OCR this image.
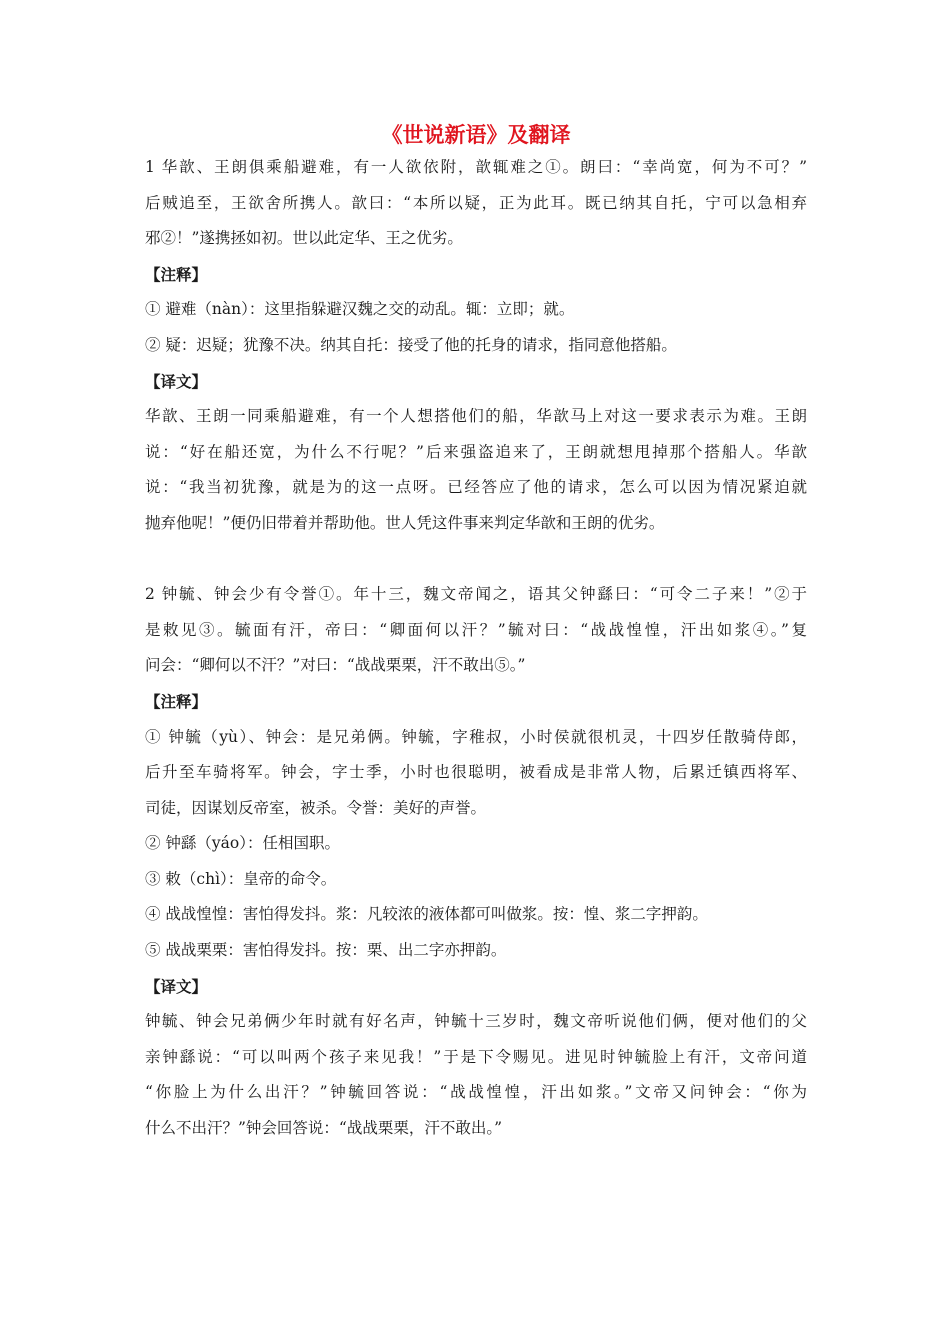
《世说新语》及翻译

1 华歆、王朗俱乘船避难，有一人欲依附，歆辄难之①。朗曰：“幸尚宽，何为不可？”

后贼追至，王欲舍所携人。歆曰：“本所以疑，正为此耳。既已纳其自托，宁可以急相弃

邪②！”遂携拯如初。世以此定华、王之优劣。

【注释】

① 避难（nàn）：这里指躲避汉魏之交的动乱。辄：立即；就。

② 疑：迟疑；犹豫不决。纳其自托：接受了他的托身的请求，指同意他搭船。

【译文】

华歆、王朗一同乘船避难，有一个人想搭他们的船，华歆马上对这一要求表示为难。王朗

说：“好在船还宽，为什么不行呢？”后来强盗追来了，王朗就想甩掉那个搭船人。华歆

说：“我当初犹豫，就是为的这一点呀。已经答应了他的请求，怎么可以因为情况紧迫就

抛弃他呢！”便仍旧带着并帮助他。世人凭这件事来判定华歆和王朗的优劣。

2 钟毓、钟会少有令誉①。年十三，魏文帝闻之，语其父钟繇曰：“可令二子来！”②于

是敕见③。毓面有汗，帝曰：“卿面何以汗？”毓对曰：“战战惶惶，汗出如浆④。”复

问会：“卿何以不汗？”对曰：“战战栗栗，汗不敢出⑤。”

【注释】

① 钟毓（yù）、钟会：是兄弟俩。钟毓，字稚叔，小时侯就很机灵，十四岁任散骑侍郎，

后升至车骑将军。钟会，字士季，小时也很聪明，被看成是非常人物，后累迁镇西将军、

司徒，因谋划反帝室，被杀。令誉：美好的声誉。

② 钟繇（yáo）：任相国职。

③ 敕（chì）：皇帝的命令。

④ 战战惶惶：害怕得发抖。浆：凡较浓的液体都可叫做浆。按：惶、浆二字押韵。

⑤ 战战栗栗：害怕得发抖。按：栗、出二字亦押韵。

【译文】

钟毓、钟会兄弟俩少年时就有好名声，钟毓十三岁时，魏文帝听说他们俩，便对他们的父

亲钟繇说：“可以叫两个孩子来见我！”于是下令赐见。进见时钟毓脸上有汗，文帝问道

“你脸上为什么出汗？”钟毓回答说：“战战惶惶，汗出如浆。”文帝又问钟会：“你为

什么不出汗？”钟会回答说：“战战栗栗，汗不敢出。”
